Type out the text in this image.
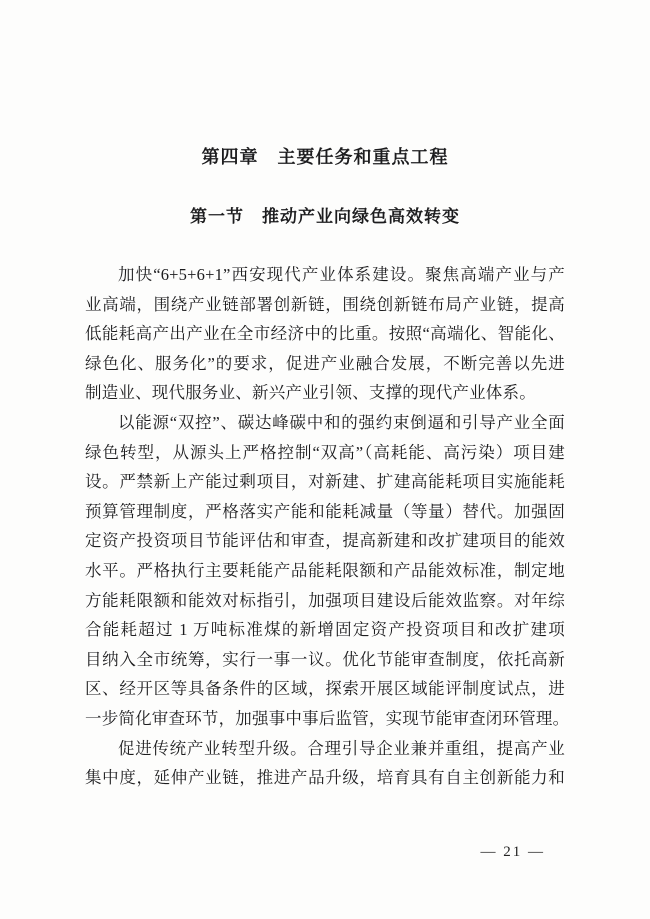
第四章　主要任务和重点工程
第一节　推动产业向绿色高效转变
加快“6+5+6+1”西安现代产业体系建设。聚焦高端产业与产
业高端，围绕产业链部署创新链，围绕创新链布局产业链，提高
低能耗高产出产业在全市经济中的比重。按照“高端化、智能化、
绿色化、服务化”的要求，促进产业融合发展，不断完善以先进
制造业、现代服务业、新兴产业引领、支撑的现代产业体系。
以能源“双控”、碳达峰碳中和的强约束倒逼和引导产业全面
绿色转型，从源头上严格控制“双高”（高耗能、高污染）项目建
设。严禁新上产能过剩项目，对新建、扩建高能耗项目实施能耗
预算管理制度，严格落实产能和能耗减量（等量）替代。加强固
定资产投资项目节能评估和审查，提高新建和改扩建项目的能效
水平。严格执行主要耗能产品能耗限额和产品能效标准，制定地
方能耗限额和能效对标指引，加强项目建设后能效监察。对年综
合能耗超过 1 万吨标准煤的新增固定资产投资项目和改扩建项
目纳入全市统筹，实行一事一议。优化节能审查制度，依托高新
区、经开区等具备条件的区域，探索开展区域能评制度试点，进
一步简化审查环节，加强事中事后监管，实现节能审查闭环管理。
促进传统产业转型升级。合理引导企业兼并重组，提高产业
集中度，延伸产业链，推进产品升级，培育具有自主创新能力和
— 21 —
